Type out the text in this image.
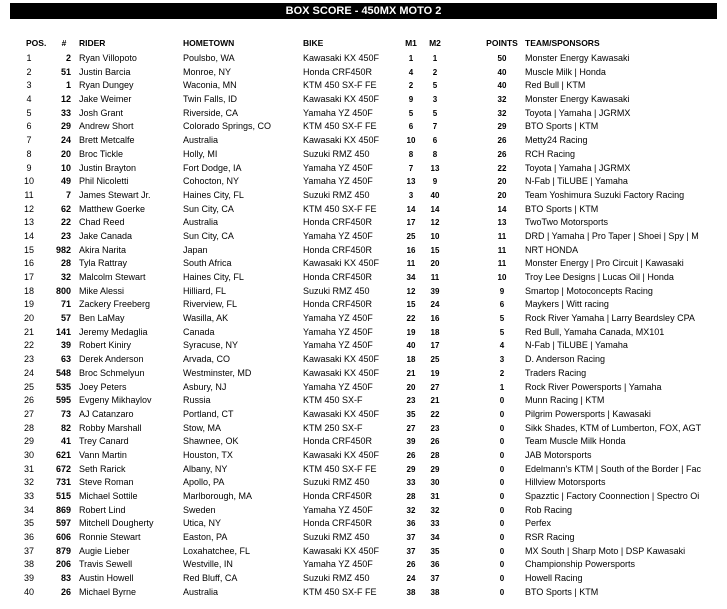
BOX SCORE - 450MX MOTO 2
POS.	#	RIDER	HOMETOWN	BIKE	M1 M2	POINTS TEAM/SPONSORS
1	2 Ryan Villopoto	Poulsbo, WA	Kawasaki KX 450F	1	1	50	Monster Energy Kawasaki
2	51 Justin Barcia	Monroe, NY	Honda CRF450R	4	2	40	Muscle Milk | Honda
3	1 Ryan Dungey	Waconia, MN	KTM 450 SX-F FE	2	5	40	Red Bull | KTM
4	12 Jake Weimer	Twin Falls, ID	Kawasaki KX 450F	9	3	32	Monster Energy Kawasaki
5	33 Josh Grant	Riverside, CA	Yamaha YZ 450F	5	5	32	Toyota | Yamaha | JGRMX
6	29 Andrew Short	Colorado Springs, CO	KTM 450 SX-F FE	6	7	29	BTO Sports | KTM
7	24 Brett Metcalfe	Australia	Kawasaki KX 450F	10	6	26	Metty24 Racing
8	20 Broc Tickle	Holly, MI	Suzuki RMZ 450	8	8	26	RCH Racing
9	10 Justin Brayton	Fort Dodge, IA	Yamaha YZ 450F	7	13	22	Toyota | Yamaha | JGRMX
10	49 Phil Nicoletti	Cohocton, NY	Yamaha YZ 450F	13	9	20	N-Fab | TiLUBE | Yamaha
11	7 James Stewart Jr.	Haines City, FL	Suzuki RMZ 450	3	40	20	Team Yoshimura Suzuki Factory Racing
12	62 Matthew Goerke	Sun City, CA	KTM 450 SX-F FE	14	14	14	BTO Sports | KTM
13	22 Chad Reed	Australia	Honda CRF450R	17	12	13	TwoTwo Motorsports
14	23 Jake Canada	Sun City, CA	Yamaha YZ 450F	25	10	11	DRD | Yamaha | Pro Taper | Shoei | Spy | M
15	982 Akira Narita	Japan	Honda CRF450R	16	15	11	NRT HONDA
16	28 Tyla Rattray	South Africa	Kawasaki KX 450F	11	20	11	Monster Energy | Pro Circuit | Kawasaki
17	32 Malcolm Stewart	Haines City, FL	Honda CRF450R	34	11	10	Troy Lee Designs | Lucas Oil | Honda
18	800 Mike Alessi	Hilliard, FL	Suzuki RMZ 450	12	39	9	Smartop | Motoconcepts Racing
19	71 Zackery Freeberg	Riverview, FL	Honda CRF450R	15	24	6	Maykers | Witt racing
20	57 Ben LaMay	Wasilla, AK	Yamaha YZ 450F	22	16	5	Rock River Yamaha | Larry Beardsley CPA
21	141 Jeremy Medaglia	Canada	Yamaha YZ 450F	19	18	5	Red Bull, Yamaha Canada, MX101
22	39 Robert Kiniry	Syracuse, NY	Yamaha YZ 450F	40	17	4	N-Fab | TiLUBE | Yamaha
23	63 Derek Anderson	Arvada, CO	Kawasaki KX 450F	18	25	3	D. Anderson Racing
24	548 Broc Schmelyun	Westminster, MD	Kawasaki KX 450F	21	19	2	Traders Racing
25	535 Joey Peters	Asbury, NJ	Yamaha YZ 450F	20	27	1	Rock River Powersports | Yamaha
26	595 Evgeny Mikhaylov	Russia	KTM 450 SX-F	23	21	0	Munn Racing | KTM
27	73 AJ Catanzaro	Portland, CT	Kawasaki KX 450F	35	22	0	Pilgrim Powersports | Kawasaki
28	82 Robby Marshall	Stow, MA	KTM 250 SX-F	27	23	0	Sikk Shades, KTM of Lumberton, FOX, AGT
29	41 Trey Canard	Shawnee, OK	Honda CRF450R	39	26	0	Team Muscle Milk Honda
30	621 Vann Martin	Houston, TX	Kawasaki KX 450F	26	28	0	JAB Motorsports
31	672 Seth Rarick	Albany, NY	KTM 450 SX-F FE	29	29	0	Edelmann's KTM | South of the Border | Fac
32	731 Steve Roman	Apollo, PA	Suzuki RMZ 450	33	30	0	Hillview Motorsports
33	515 Michael Sottile	Marlborough, MA	Honda CRF450R	28	31	0	Spazztic | Factory Coonnection | Spectro Oi
34	869 Robert Lind	Sweden	Yamaha YZ 450F	32	32	0	Rob Racing
35	597 Mitchell Dougherty	Utica, NY	Honda CRF450R	36	33	0	Perfex
36	606 Ronnie Stewart	Easton, PA	Suzuki RMZ 450	37	34	0	RSR Racing
37	879 Augie Lieber	Loxahatchee, FL	Kawasaki KX 450F	37	35	0	MX South | Sharp Moto | DSP Kawasaki
38	206 Travis Sewell	Westville, IN	Yamaha YZ 450F	26	36	0	Championship Powersports
39	83 Austin Howell	Red Bluff, CA	Suzuki RMZ 450	24	37	0	Howell Racing
40	26 Michael Byrne	Australia	KTM 450 SX-F FE	38	38	0	BTO Sports | KTM
